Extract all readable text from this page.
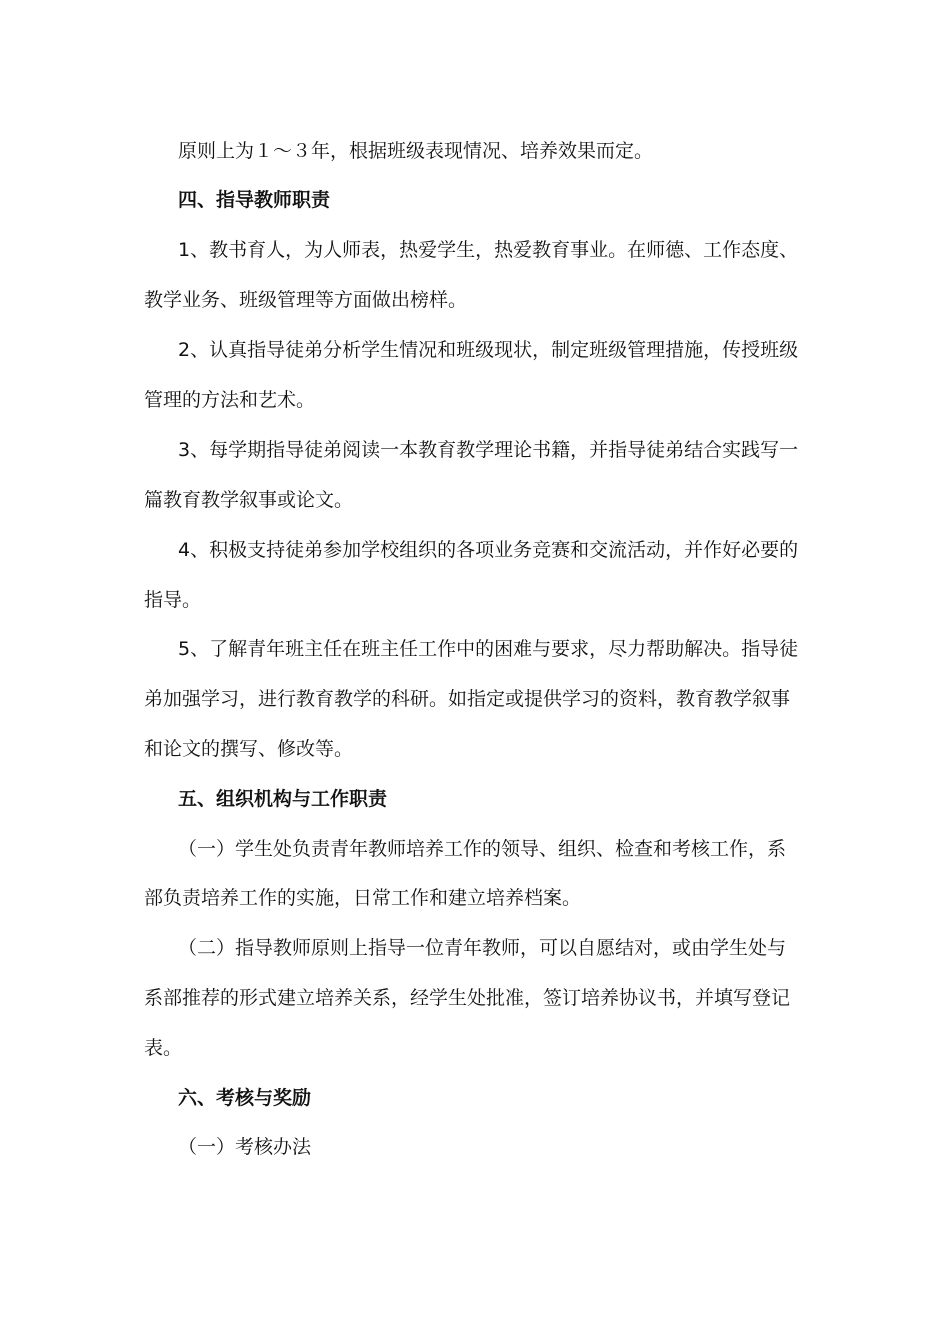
原则上为１～３年，根据班级表现情况、培养效果而定。
四、指导教师职责
1、教书育人，为人师表，热爱学生，热爱教育事业。在师德、工作态度、
教学业务、班级管理等方面做出榜样。
2、认真指导徒弟分析学生情况和班级现状，制定班级管理措施，传授班级
管理的方法和艺术。
3、每学期指导徒弟阅读一本教育教学理论书籍，并指导徒弟结合实践写一
篇教育教学叙事或论文。
4、积极支持徒弟参加学校组织的各项业务竞赛和交流活动，并作好必要的
指导。
5、了解青年班主任在班主任工作中的困难与要求，尽力帮助解决。指导徒
弟加强学习，进行教育教学的科研。如指定或提供学习的资料，教育教学叙事
和论文的撰写、修改等。
五、组织机构与工作职责
（一）学生处负责青年教师培养工作的领导、组织、检查和考核工作，系
部负责培养工作的实施，日常工作和建立培养档案。
（二）指导教师原则上指导一位青年教师，可以自愿结对，或由学生处与
系部推荐的形式建立培养关系，经学生处批准，签订培养协议书，并填写登记
表。
六、考核与奖励
（一）考核办法
